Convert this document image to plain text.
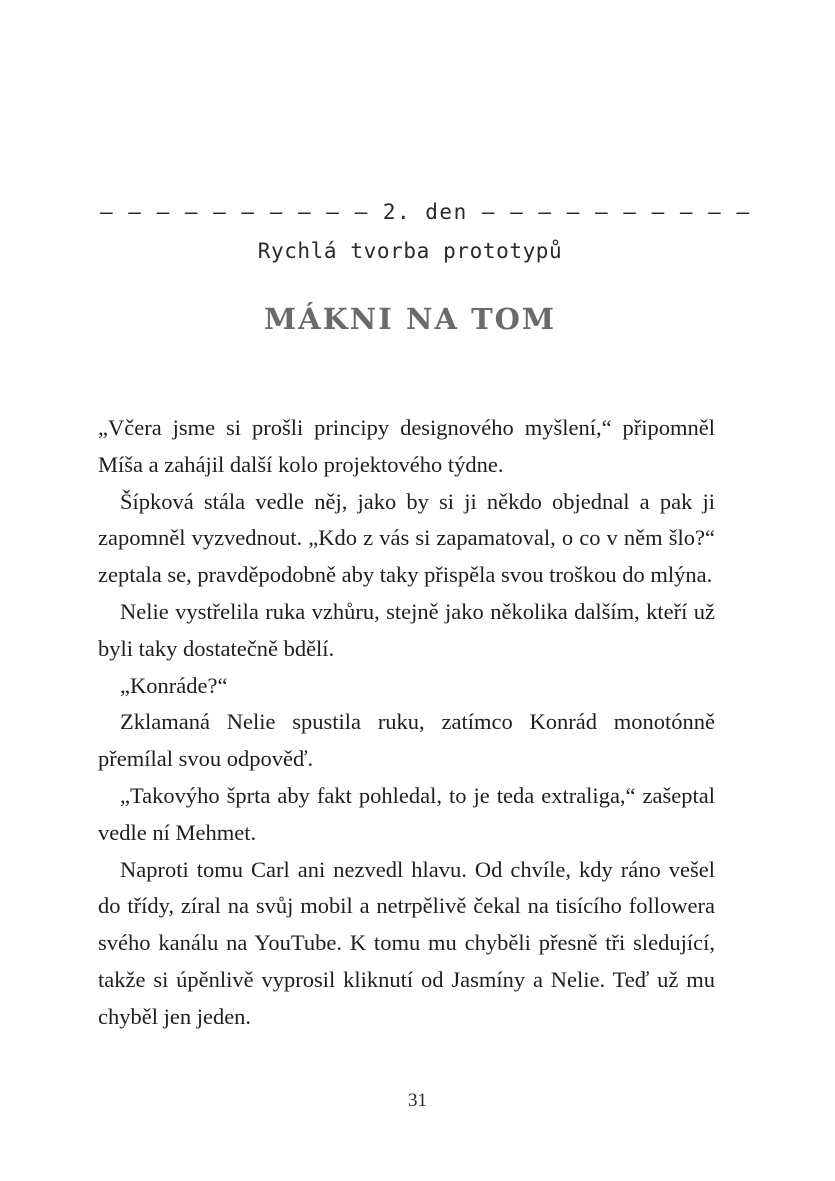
– – – – – – – – – – 2. den – – – – – – – – – –
Rychlá tvorba prototypů
MÁKNI NA TOM

„Včera jsme si prošli principy designového myšlení,“ připomněl Míša a zahájil další kolo projektového týdne.

Šípková stála vedle něj, jako by si ji někdo objednal a pak ji zapomněl vyzvednout. „Kdo z vás si zapamatoval, o co v něm šlo?“ zeptala se, pravděpodobně aby taky přispěla svou troškou do mlýna.

Nelie vystřelila ruka vzhůru, stejně jako několika dalším, kteří už byli taky dostatečně bdělí.

„Konráde?“

Zklamaná Nelie spustila ruku, zatímco Konrád monotónně přemílal svou odpověď.

„Takovýho šprta aby fakt pohledal, to je teda extraliga,“ zašeptal vedle ní Mehmet.

Naproti tomu Carl ani nezvedl hlavu. Od chvíle, kdy ráno vešel do třídy, zíral na svůj mobil a netrpělivě čekal na tisícího followera svého kanálu na YouTube. K tomu mu chyběli přesně tři sledující, takže si úpěnlivě vyprosil kliknutí od Jasmíny a Nelie. Teď už mu chyběl jen jeden.

31
